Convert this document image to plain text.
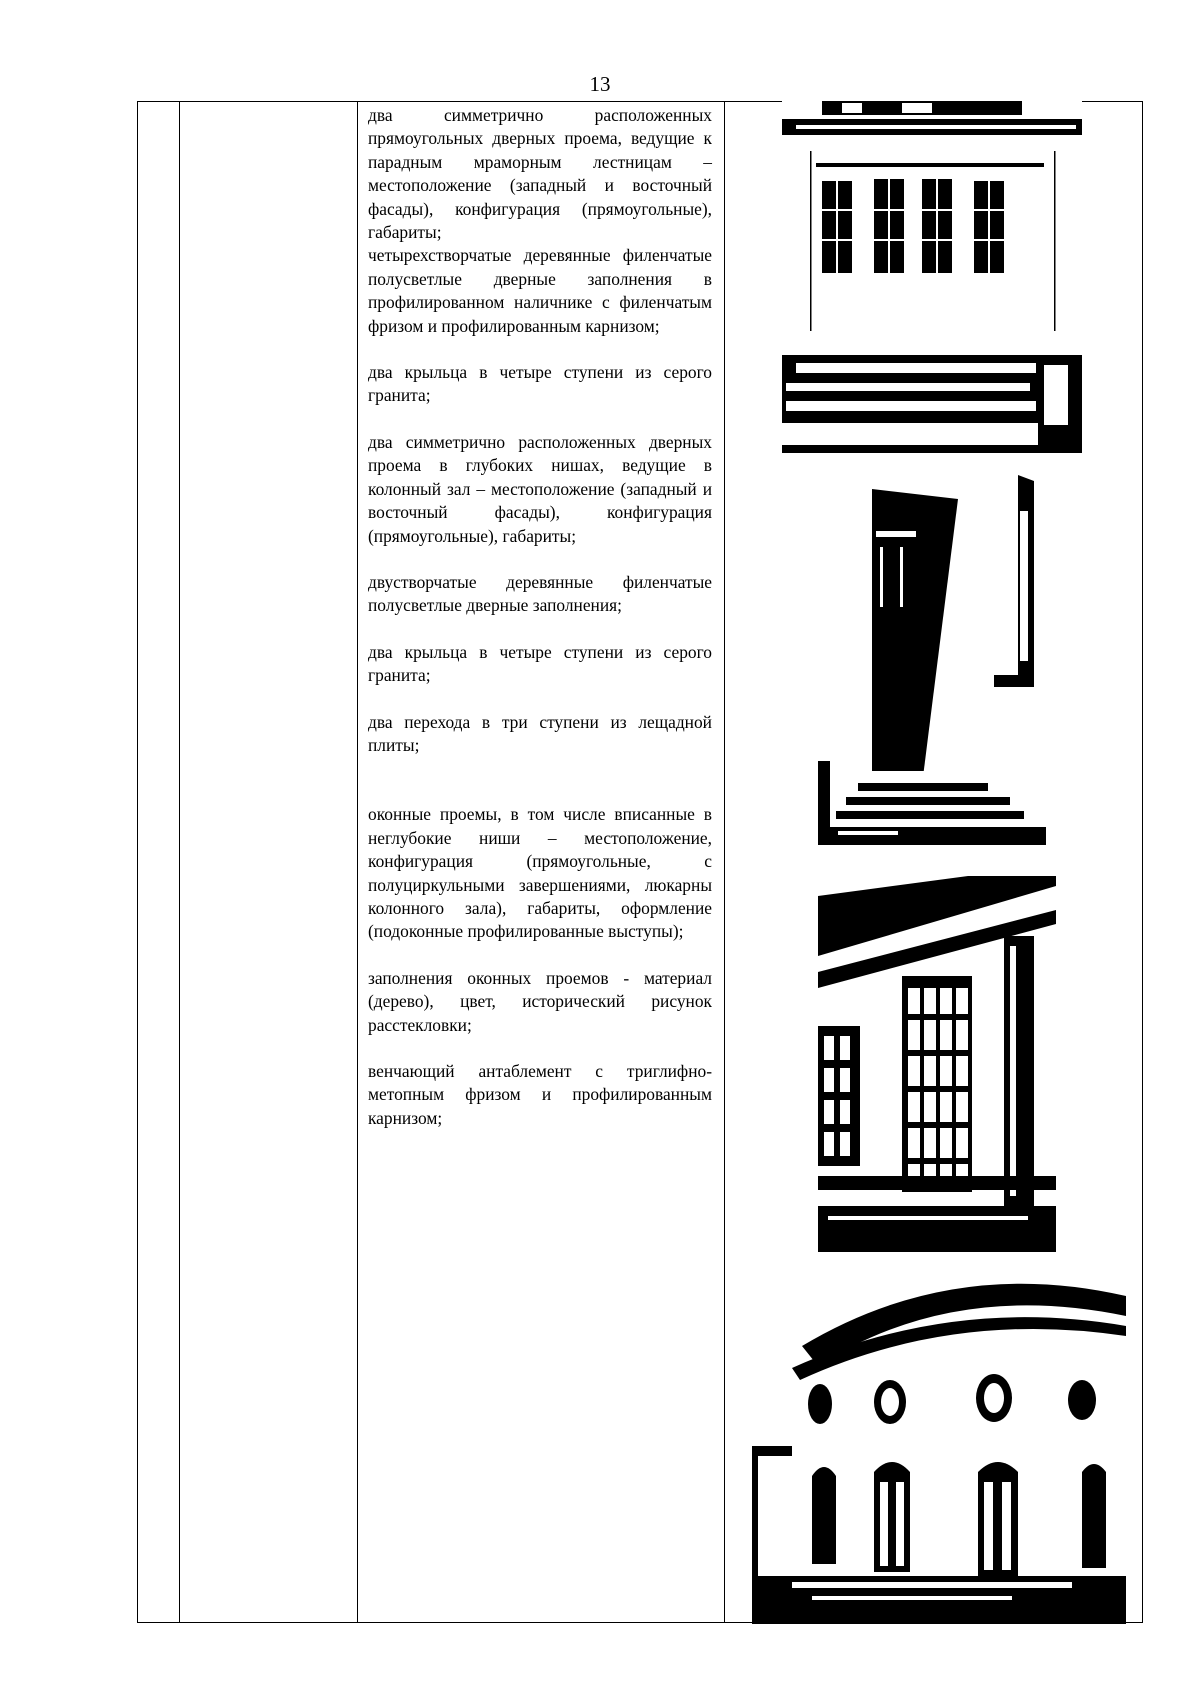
13

два симметрично расположенных прямоугольных дверных проема, ведущие к парадным мраморным лестницам – местоположение (западный и восточный фасады), конфигурация (прямоугольные), габариты;

четырехстворчатые деревянные филенчатые полусветлые дверные заполнения в профилированном наличнике с филенчатым фризом и профилированным карнизом;

два крыльца в четыре ступени из серого гранита;

два симметрично расположенных дверных проема в глубоких нишах, ведущие в колонный зал – местоположение (западный и восточный фасады), конфигурация (прямоугольные), габариты;

двустворчатые деревянные филенчатые полусветлые дверные заполнения;

два крыльца в четыре ступени из серого гранита;

два перехода в три ступени из лещадной плиты;

оконные проемы, в том числе вписанные в неглубокие ниши – местоположение, конфигурация (прямоугольные, с полуциркульными завершениями, люкарны колонного зала), габариты, оформление (подоконные профилированные выступы);

заполнения оконных проемов - материал (дерево), цвет, исторический рисунок расстекловки;

венчающий антаблемент с триглифно-метопным фризом и профилированным карнизом;
